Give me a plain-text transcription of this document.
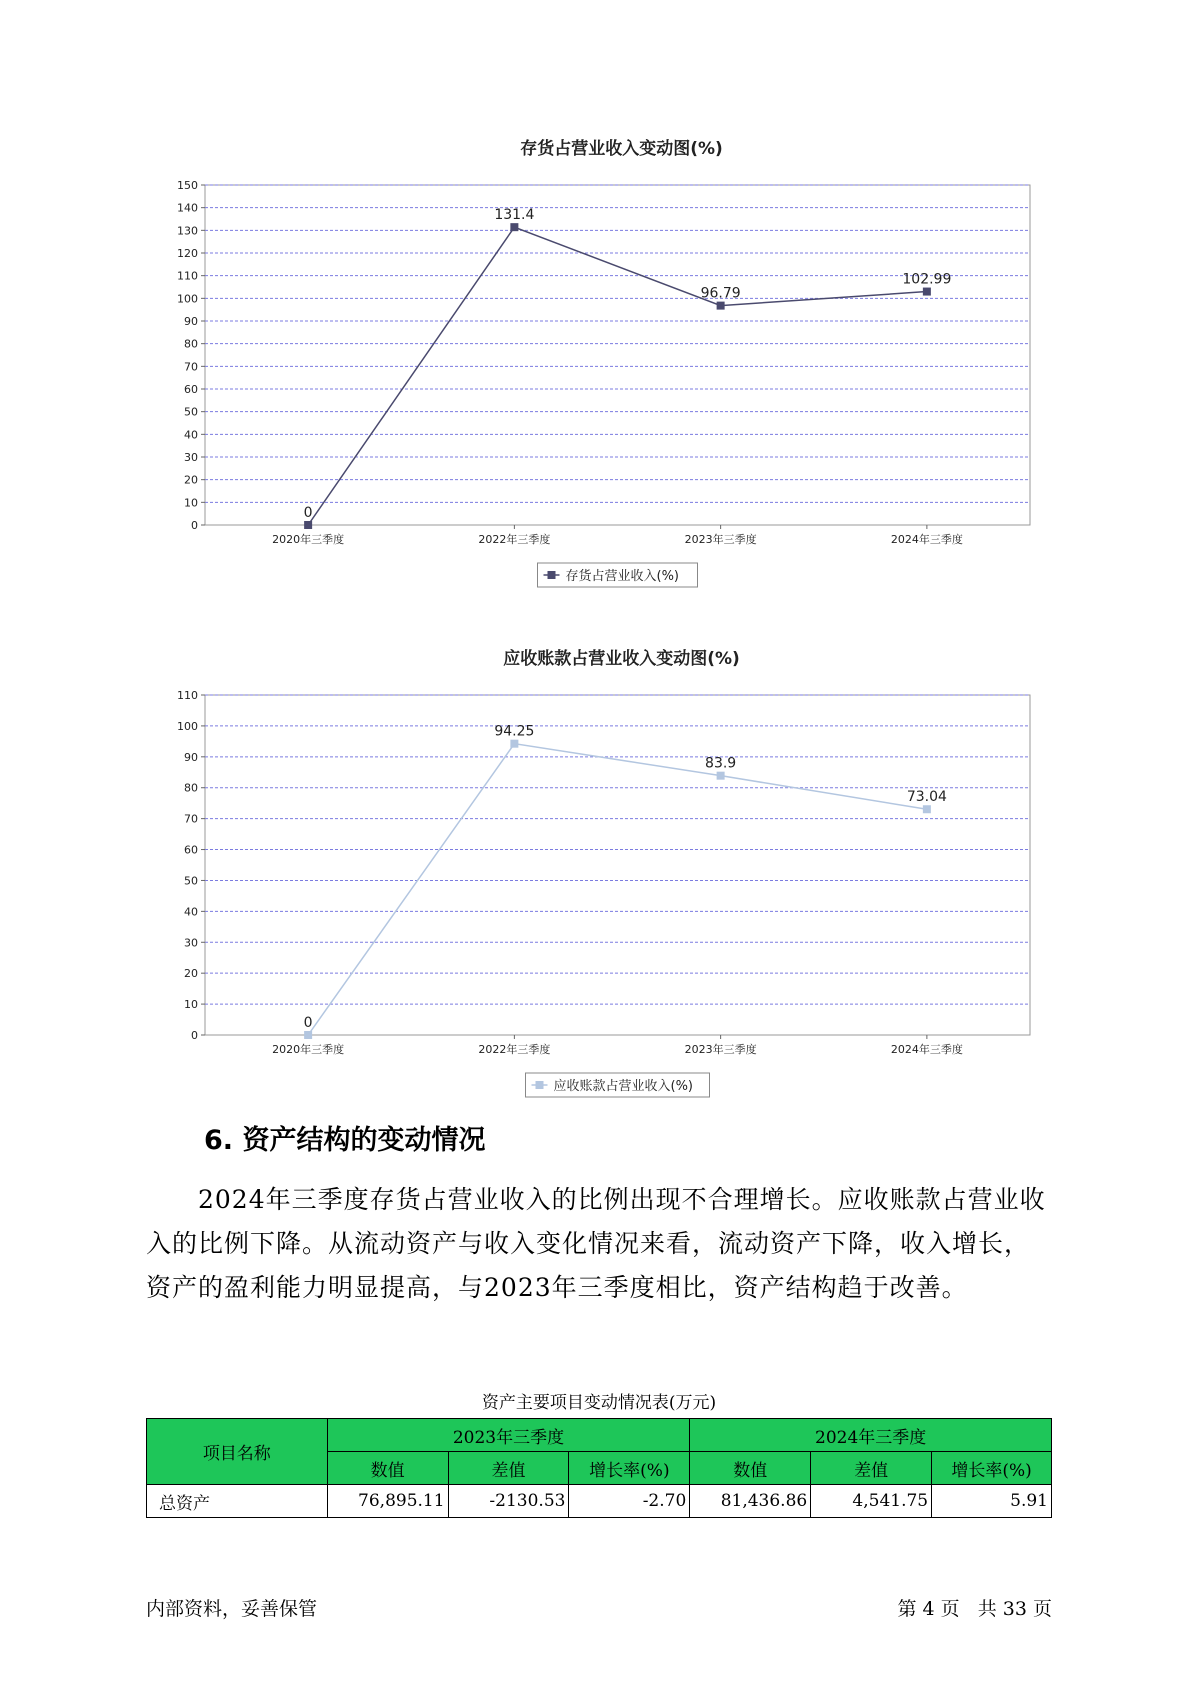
存货占营业收入变动图(%)
0
10
20
30
40
50
60
70
80
90
100
110
120
130
140
150
2020年三季度	2022年三季度	2023年三季度	2024年三季度
0
131.4
96.79
102.99
存货占营业收入(%)
应收账款占营业收入变动图(%)
0
10
20
30
40
50
60
70
80
90
100
110
2020年三季度	2022年三季度	2023年三季度	2024年三季度
0
94.25
83.9
73.04
应收账款占营业收入(%)
6. 资产结构的变动情况

2024年三季度存货占营业收入的比例出现不合理增长。应收账款占营业收入的比例下降。从流动资产与收入变化情况来看，流动资产下降，收入增长，资产的盈利能力明显提高，与2023年三季度相比，资产结构趋于改善。

资产主要项目变动情况表(万元)
项目名称	2023年三季度			2024年三季度		
	数值	差值	增长率(%)	数值	差值	增长率(%)
总资产	76,895.11	-2130.53	-2.70	81,436.86	4,541.75	5.91
内部资料，妥善保管	第 4 页   共 33 页
